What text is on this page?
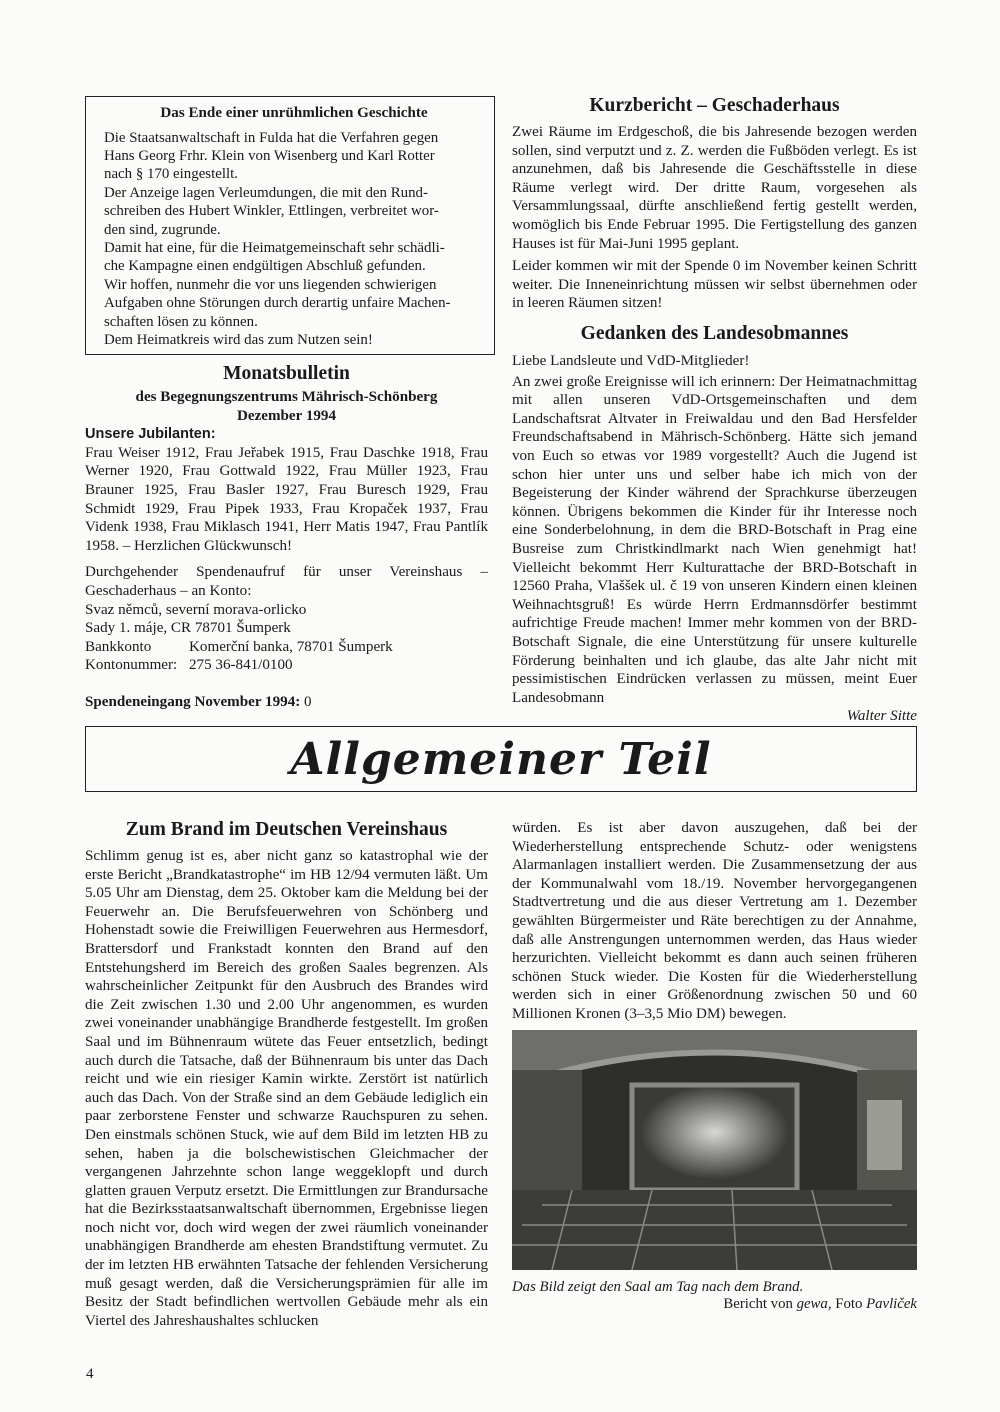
Das Ende einer unrühmlichen Geschichte

Die Staatsanwaltschaft in Fulda hat die Verfahren gegen

Hans Georg Frhr. Klein von Wisenberg und Karl Rotter

nach § 170 eingestellt.

Der Anzeige lagen Verleumdungen, die mit den Rund-

schreiben des Hubert Winkler, Ettlingen, verbreitet wor-

den sind, zugrunde.

Damit hat eine, für die Heimatgemeinschaft sehr schädli-

che Kampagne einen endgültigen Abschluß gefunden.

Wir hoffen, nunmehr die vor uns liegenden schwierigen

Aufgaben ohne Störungen durch derartig unfaire Machen-

schaften lösen zu können.

Dem Heimatkreis wird das zum Nutzen sein!

Monatsbulletin
des Begegnungszentrums Mährisch-Schönberg
Dezember 1994

Unsere Jubilanten:

Frau Weiser 1912, Frau Jeřabek 1915, Frau Daschke 1918, Frau Werner 1920, Frau Gottwald 1922, Frau Müller 1923, Frau Brauner 1925, Frau Basler 1927, Frau Buresch 1929, Frau Schmidt 1929, Frau Pipek 1933, Frau Kropaček 1937, Frau Videnk 1938, Frau Miklasch 1941, Herr Matis 1947, Frau Pantlík 1958. – Herzlichen Glückwunsch!

Durchgehender Spendenaufruf für unser Vereinshaus – Geschaderhaus – an Konto:

Svaz němců, severní morava-orlicko

Sady 1. máje, CR 78701 Šumperk

Bankkonto	Komerční banka, 78701 Šumperk

Kontonummer: 275 36-841/0100

Spendeneingang November 1994: 0

Kurzbericht – Geschaderhaus

Zwei Räume im Erdgeschoß, die bis Jahresende bezogen werden sollen, sind verputzt und z. Z. werden die Fußböden verlegt. Es ist anzunehmen, daß bis Jahresende die Geschäftsstelle in diese Räume verlegt wird. Der dritte Raum, vorgesehen als Versammlungssaal, dürfte anschließend fertig gestellt werden, womöglich bis Ende Februar 1995. Die Fertigstellung des ganzen Hauses ist für Mai-Juni 1995 geplant.

Leider kommen wir mit der Spende 0 im November keinen Schritt weiter. Die Inneneinrichtung müssen wir selbst übernehmen oder in leeren Räumen sitzen!

Gedanken des Landesobmannes

Liebe Landsleute und VdD-Mitglieder!

An zwei große Ereignisse will ich erinnern: Der Heimatnachmittag mit allen unseren VdD-Ortsgemeinschaften und dem Landschaftsrat Altvater in Freiwaldau und den Bad Hersfelder Freundschaftsabend in Mährisch-Schönberg. Hätte sich jemand von Euch so etwas vor 1989 vorgestellt? Auch die Jugend ist schon hier unter uns und selber habe ich mich von der Begeisterung der Kinder während der Sprachkurse überzeugen können. Übrigens bekommen die Kinder für ihr Interesse noch eine Sonderbelohnung, in dem die BRD-Botschaft in Prag eine Busreise zum Christkindlmarkt nach Wien genehmigt hat! Vielleicht bekommt Herr Kulturattache der BRD-Botschaft in 12560 Praha, Vlaššek ul. č 19 von unseren Kindern einen kleinen Weihnachtsgruß! Es würde Herrn Erdmannsdörfer bestimmt aufrichtige Freude machen! Immer mehr kommen von der BRD-Botschaft Signale, die eine Unterstützung für unsere kulturelle Förderung beinhalten und ich glaube, das alte Jahr nicht mit pessimistischen Eindrücken verlassen zu müssen, meint Euer Landesobmann

Walter Sitte

Allgemeiner Teil
Zum Brand im Deutschen Vereinshaus

Schlimm genug ist es, aber nicht ganz so katastrophal wie der erste Bericht „Brandkatastrophe“ im HB 12/94 vermuten läßt. Um 5.05 Uhr am Dienstag, dem 25. Oktober kam die Meldung bei der Feuerwehr an. Die Berufsfeuerwehren von Schönberg und Hohenstadt sowie die Freiwilligen Feuerwehren aus Hermesdorf, Brattersdorf und Frankstadt konnten den Brand auf den Entstehungsherd im Bereich des großen Saales begrenzen. Als wahrscheinlicher Zeitpunkt für den Ausbruch des Brandes wird die Zeit zwischen 1.30 und 2.00 Uhr angenommen, es wurden zwei voneinander unabhängige Brandherde festgestellt. Im großen Saal und im Bühnenraum wütete das Feuer entsetzlich, bedingt auch durch die Tatsache, daß der Bühnenraum bis unter das Dach reicht und wie ein riesiger Kamin wirkte. Zerstört ist natürlich auch das Dach. Von der Straße sind an dem Gebäude lediglich ein paar zerborstene Fenster und schwarze Rauchspuren zu sehen. Den einstmals schönen Stuck, wie auf dem Bild im letzten HB zu sehen, haben ja die bolschewistischen Gleichmacher der vergangenen Jahrzehnte schon lange weggeklopft und durch glatten grauen Verputz ersetzt. Die Ermittlungen zur Brandursache hat die Bezirksstaatsanwaltschaft übernommen, Ergebnisse liegen noch nicht vor, doch wird wegen der zwei räumlich voneinander unabhängigen Brandherde am ehesten Brandstiftung vermutet. Zu der im letzten HB erwähnten Tatsache der fehlenden Versicherung muß gesagt werden, daß die Versicherungsprämien für alle im Besitz der Stadt befindlichen wertvollen Gebäude mehr als ein Viertel des Jahreshaushaltes schlucken

würden. Es ist aber davon auszugehen, daß bei der Wiederherstellung entsprechende Schutz- oder wenigstens Alarmanlagen installiert werden. Die Zusammensetzung der aus der Kommunalwahl vom 18./19. November hervorgegangenen Stadtvertretung und die aus dieser Vertretung am 1. Dezember gewählten Bürgermeister und Räte berechtigen zu der Annahme, daß alle Anstrengungen unternommen werden, das Haus wieder herzurichten. Vielleicht bekommt es dann auch seinen früheren schönen Stuck wieder. Die Kosten für die Wiederherstellung werden sich in einer Größenordnung zwischen 50 und 60 Millionen Kronen (3–3,5 Mio DM) bewegen.

Das Bild zeigt den Saal am Tag nach dem Brand.

Bericht von gewa, Foto Pavliček

4
